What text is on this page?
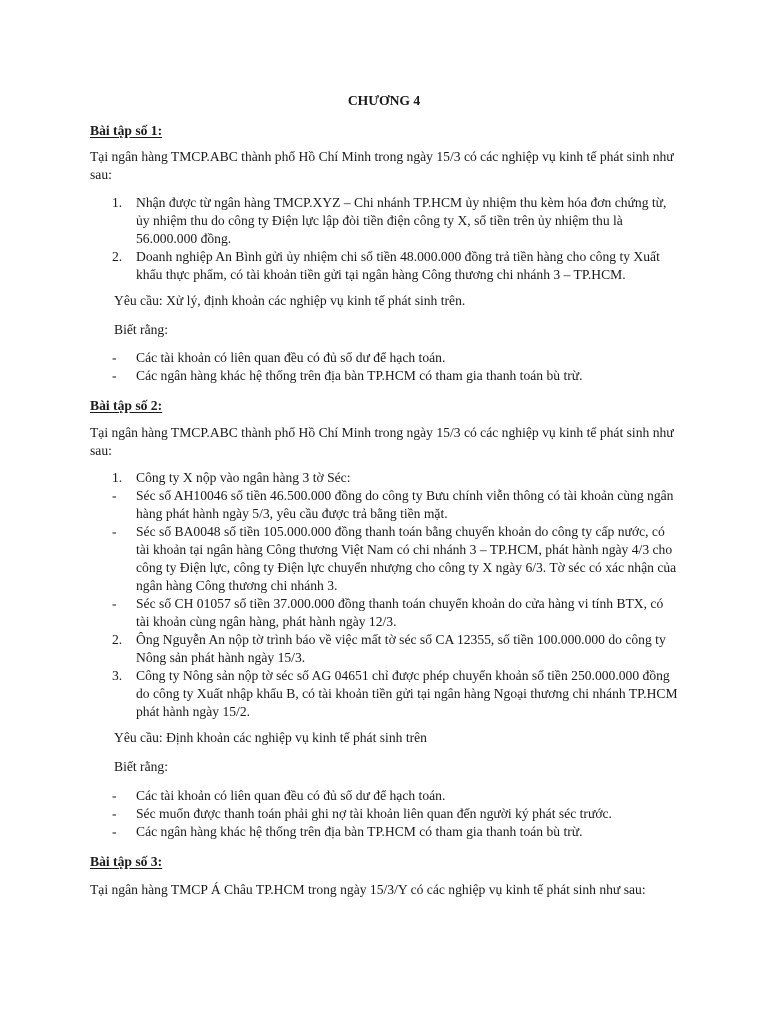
CHƯƠNG 4
Bài tập số 1:

Tại ngân hàng TMCP.ABC thành phố Hồ Chí Minh trong ngày 15/3 có các nghiệp vụ kinh tế phát sinh như sau:

1. Nhận được từ ngân hàng TMCP.XYZ – Chi nhánh TP.HCM ủy nhiệm thu kèm hóa đơn chứng từ, ủy nhiệm thu do công ty Điện lực lập đòi tiền điện công ty X, số tiền trên ủy nhiệm thu là 56.000.000 đồng.
2. Doanh nghiệp An Bình gửi ủy nhiệm chi số tiền 48.000.000 đồng trả tiền hàng cho công ty Xuất khẩu thực phẩm, có tài khoản tiền gửi tại ngân hàng Công thương chi nhánh 3 – TP.HCM.

Yêu cầu: Xử lý, định khoản các nghiệp vụ kinh tế phát sinh trên.

Biết rằng:

- Các tài khoản có liên quan đều có đủ số dư để hạch toán.
- Các ngân hàng khác hệ thống trên địa bàn TP.HCM có tham gia thanh toán bù trừ.
Bài tập số 2:

Tại ngân hàng TMCP.ABC thành phố Hồ Chí Minh trong ngày 15/3 có các nghiệp vụ kinh tế phát sinh như sau:

1. Công ty X nộp vào ngân hàng 3 tờ Séc:
- Séc số AH10046 số tiền 46.500.000 đồng do công ty Bưu chính viễn thông có tài khoản cùng ngân hàng phát hành ngày 5/3, yêu cầu được trả bằng tiền mặt.
- Séc số BA0048 số tiền 105.000.000 đồng thanh toán bằng chuyển khoản do công ty cấp nước, có tài khoản tại ngân hàng Công thương Việt Nam có chi nhánh 3 – TP.HCM, phát hành ngày 4/3 cho công ty Điện lực, công ty Điện lực chuyển nhượng cho công ty X ngày 6/3. Tờ séc có xác nhận của ngân hàng Công thương chi nhánh 3.
- Séc số CH 01057 số tiền 37.000.000 đồng thanh toán chuyển khoản do cửa hàng vi tính BTX, có tài khoản cùng ngân hàng, phát hành ngày 12/3.
2. Ông Nguyễn An nộp tờ trình báo về việc mất tờ séc số CA 12355, số tiền 100.000.000 do công ty Nông sản phát hành ngày 15/3.
3. Công ty Nông sản nộp tờ séc số AG 04651 chỉ được phép chuyển khoản số tiền 250.000.000 đồng do công ty Xuất nhập khẩu B, có tài khoản tiền gửi tại ngân hàng Ngoại thương chi nhánh TP.HCM phát hành ngày 15/2.

Yêu cầu: Định khoản các nghiệp vụ kinh tế phát sinh trên

Biết rằng:

- Các tài khoản có liên quan đều có đủ số dư để hạch toán.
- Séc muốn được thanh toán phải ghi nợ tài khoản liên quan đến người ký phát séc trước.
- Các ngân hàng khác hệ thống trên địa bàn TP.HCM có tham gia thanh toán bù trừ.
Bài tập số 3:

Tại ngân hàng TMCP Á Châu TP.HCM trong ngày 15/3/Y có các nghiệp vụ kinh tế phát sinh như sau:
